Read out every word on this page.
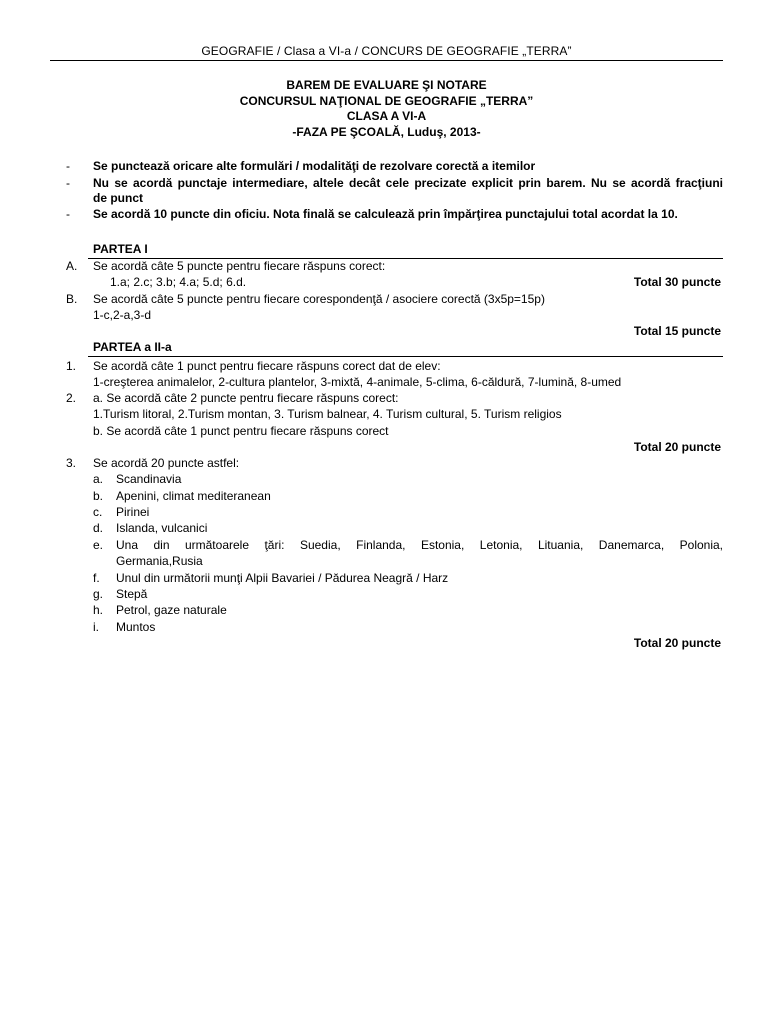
GEOGRAFIE / Clasa a VI-a / CONCURS DE GEOGRAFIE „TERRA”
BAREM DE EVALUARE ŞI NOTARE
CONCURSUL NAŢIONAL DE GEOGRAFIE „TERRA”
CLASA A VI-A
-FAZA PE ŞCOALĂ, Luduş, 2013-
- Se punctează oricare alte formulări / modalităţi de rezolvare corectă a itemilor
- Nu se acordă punctaje intermediare, altele decât cele precizate explicit prin barem. Nu se acordă fracţiuni
de punct
- Se acordă 10 puncte din oficiu. Nota finală se calculează prin împărţirea punctajului total acordat la 10.
PARTEA I
A. Se acordă câte 5 puncte pentru fiecare răspuns corect:
1.a; 2.c; 3.b; 4.a; 5.d; 6.d.	Total 30 puncte
B. Se acordă câte 5 puncte pentru fiecare corespondenţă / asociere corectă (3x5p=15p)
1-c,2-a,3-d
Total 15 puncte
PARTEA a II-a
1. Se acordă câte 1 punct pentru fiecare răspuns corect dat de elev:
1-creşterea animalelor, 2-cultura plantelor, 3-mixtă, 4-animale, 5-clima, 6-căldură, 7-lumină, 8-umed
2. a. Se acordă câte 2 puncte pentru fiecare răspuns corect:
1.Turism litoral, 2.Turism montan, 3. Turism balnear, 4. Turism cultural, 5. Turism religios
b. Se acordă câte 1 punct pentru fiecare răspuns corect
Total 20 puncte
3. Se acordă 20 puncte astfel:
a. Scandinavia
b. Apenini, climat mediteranean
c. Pirinei
d. Islanda, vulcanici
e. Una din următoarele ţări: Suedia, Finlanda, Estonia, Letonia, Lituania, Danemarca, Polonia,
Germania,Rusia
f. Unul din următorii munţi Alpii Bavariei / Pădurea Neagră / Harz
g. Stepă
h. Petrol, gaze naturale
i. Muntos
Total 20 puncte
